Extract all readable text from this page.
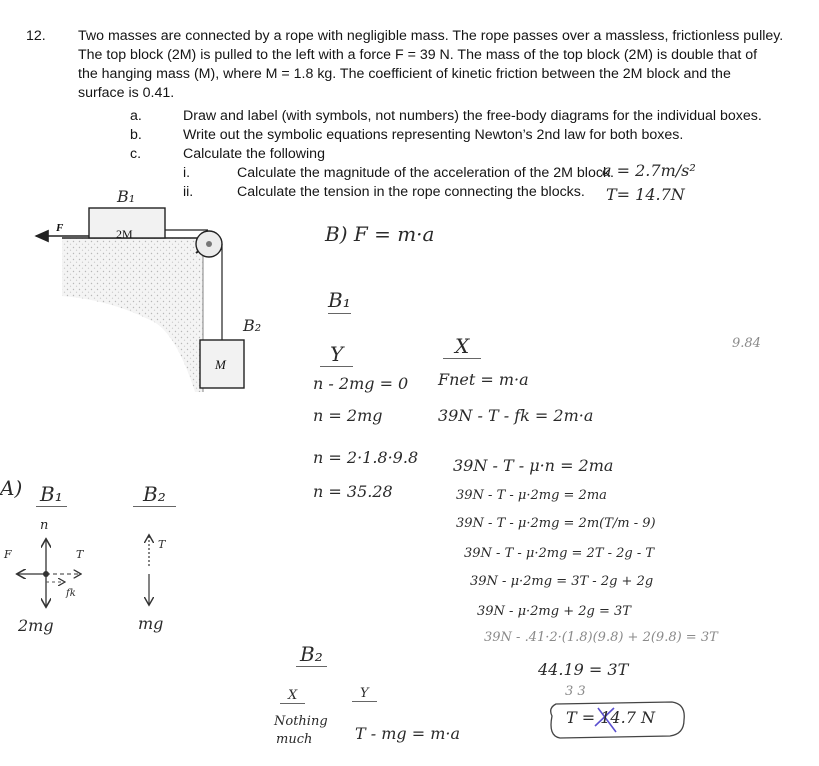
12. Two masses are connected by a rope with negligible mass. The rope passes over a massless, frictionless pulley.
The top block (2M) is pulled to the left with a force F = 39 N. The mass of the top block (2M) is double that of
the hanging mass (M), where M = 1.8 kg. The coefficient of kinetic friction between the 2M block and the
surface is 0.41.
a.
b.
c.
Draw and label (with symbols, not numbers) the free-body diagrams for the individual boxes.
Write out the symbolic equations representing Newton’s 2nd law for both boxes.
Calculate the following
i.
ii.
Calculate the magnitude of the acceleration of the 2M block.
Calculate the tension in the rope connecting the blocks.
a = 2.7m/s²
T= 14.7N
F	2M
M
B₁
B₂
B) F = m·a
B₁
Y	X	9.84
n - 2mg = 0
n = 2mg
n = 2·1.8·9.8
n = 35.28
Fnet = m·a
39N - T - fk = 2m·a
39N - T - μ·n = 2ma
39N - T - μ·2mg = 2ma
39N - T - μ·2mg = 2m(T/m - 9)
39N - T - μ·2mg = 2T - 2g - T
39N - μ·2mg = 3T - 2g + 2g
39N - μ·2mg + 2g = 3T
39N - .41·2·(1.8)(9.8) + 2(9.8) = 3T
44.19 = 3T
3 3
T = 14.7 N
A) B₁	B₂
n
F	T
fk
2mg
T
mg
B₂
X	Y
Nothing
much	T - mg = m·a
